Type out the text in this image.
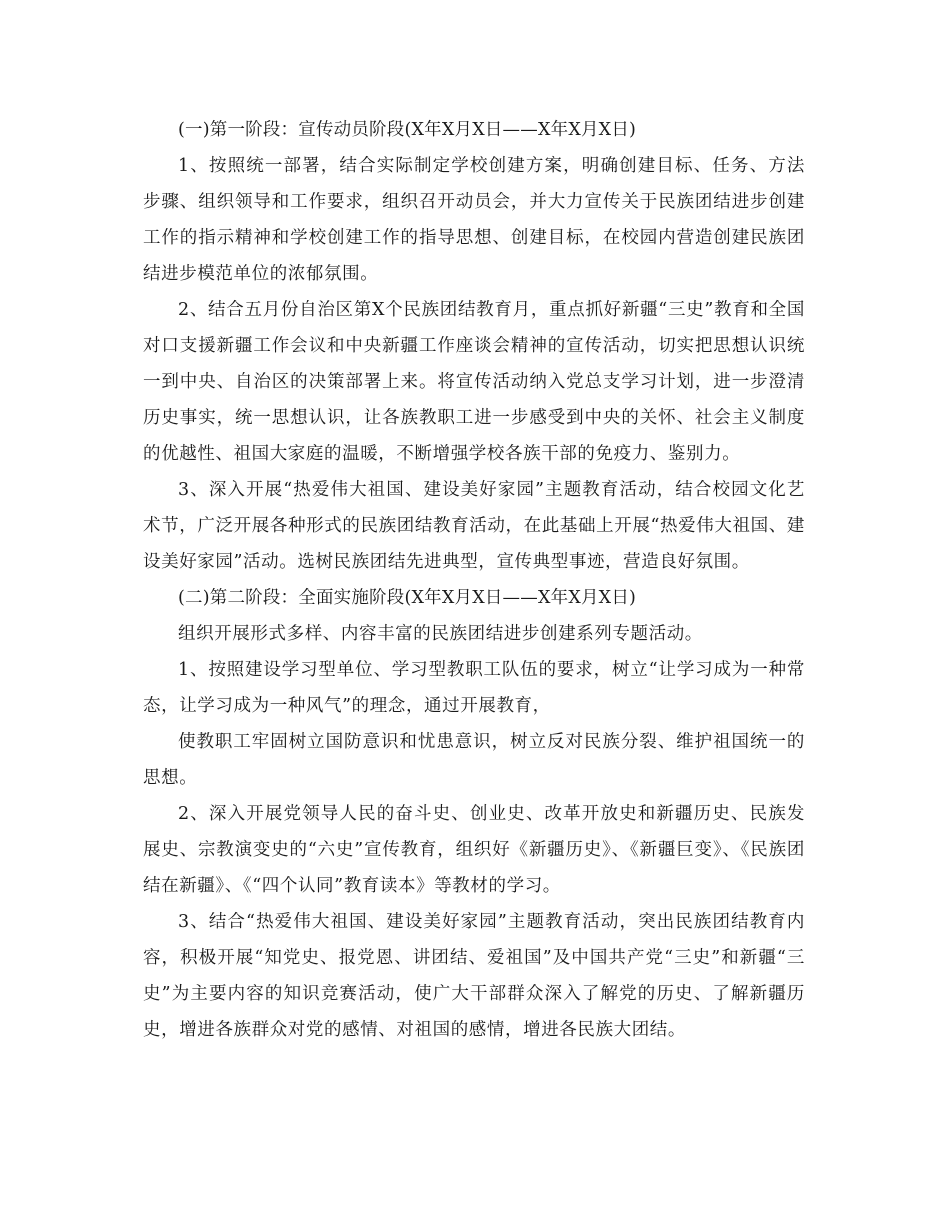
(一)第一阶段：宣传动员阶段(X年X月X日——X年X月X日)

1、按照统一部署，结合实际制定学校创建方案，明确创建目标、任务、方法步骤、组织领导和工作要求，组织召开动员会，并大力宣传关于民族团结进步创建工作的指示精神和学校创建工作的指导思想、创建目标，在校园内营造创建民族团结进步模范单位的浓郁氛围。

2、结合五月份自治区第X个民族团结教育月，重点抓好新疆“三史”教育和全国对口支援新疆工作会议和中央新疆工作座谈会精神的宣传活动，切实把思想认识统一到中央、自治区的决策部署上来。将宣传活动纳入党总支学习计划，进一步澄清历史事实，统一思想认识，让各族教职工进一步感受到中央的关怀、社会主义制度的优越性、祖国大家庭的温暖，不断增强学校各族干部的免疫力、鉴别力。

3、深入开展“热爱伟大祖国、建设美好家园”主题教育活动，结合校园文化艺术节，广泛开展各种形式的民族团结教育活动，在此基础上开展“热爱伟大祖国、建设美好家园”活动。选树民族团结先进典型，宣传典型事迹，营造良好氛围。

(二)第二阶段：全面实施阶段(X年X月X日——X年X月X日)

组织开展形式多样、内容丰富的民族团结进步创建系列专题活动。

1、按照建设学习型单位、学习型教职工队伍的要求，树立“让学习成为一种常态，让学习成为一种风气”的理念，通过开展教育，

使教职工牢固树立国防意识和忧患意识，树立反对民族分裂、维护祖国统一的思想。

2、深入开展党领导人民的奋斗史、创业史、改革开放史和新疆历史、民族发展史、宗教演变史的“六史”宣传教育，组织好《新疆历史》、《新疆巨变》、《民族团结在新疆》、《“四个认同”教育读本》等教材的学习。

3、结合“热爱伟大祖国、建设美好家园”主题教育活动，突出民族团结教育内容，积极开展“知党史、报党恩、讲团结、爱祖国”及中国共产党“三史”和新疆“三史”为主要内容的知识竞赛活动，使广大干部群众深入了解党的历史、了解新疆历史，增进各族群众对党的感情、对祖国的感情，增进各民族大团结。
